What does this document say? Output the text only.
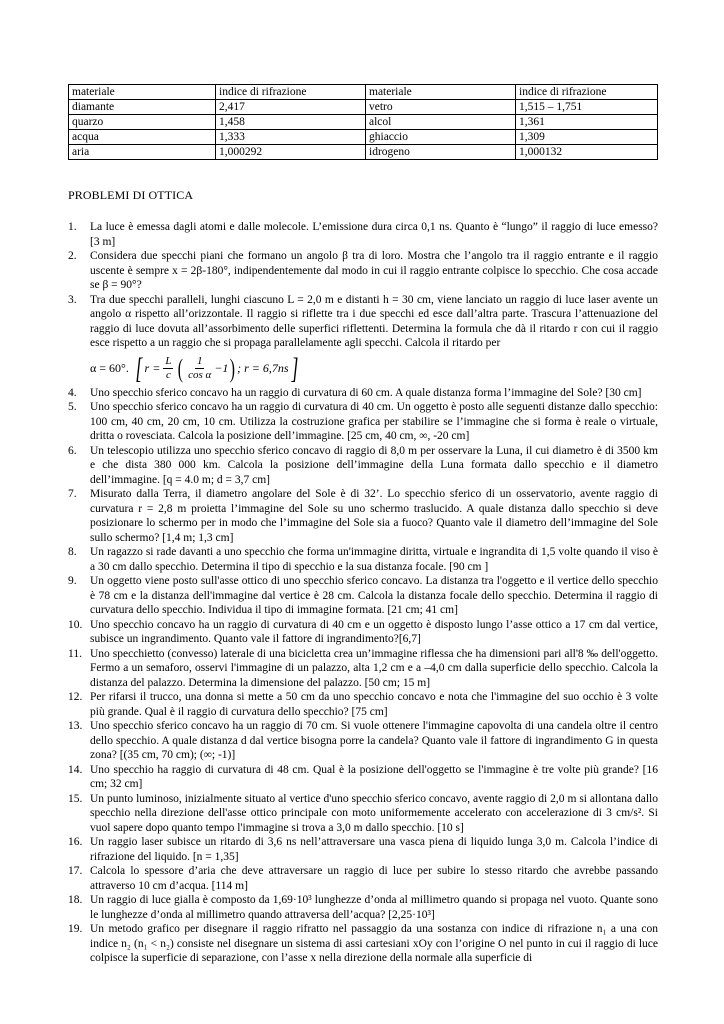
materiale	indice di rifrazione	materiale	indice di rifrazione
diamante	2,417	vetro	1,515 – 1,751
quarzo	1,458	alcol	1,361
acqua	1,333	ghiaccio	1,309
aria	1,000292	idrogeno	1,000132
PROBLEMI DI OTTICA
1. La luce è emessa dagli atomi e dalle molecole. L’emissione dura circa 0,1 ns. Quanto è “lungo” il raggio di luce emesso? [3 m]
2. Considera due specchi piani che formano un angolo β tra di loro. Mostra che l’angolo tra il raggio entrante e il raggio uscente è sempre x = 2β-180°, indipendentemente dal modo in cui il raggio entrante colpisce lo specchio. Che cosa accade se β = 90°?
3. Tra due specchi paralleli, lunghi ciascuno L = 2,0 m e distanti h = 30 cm, viene lanciato un raggio di luce laser avente un angolo α rispetto all’orizzontale. Il raggio si riflette tra i due specchi ed esce dall’altra parte. Trascura l’attenuazione del raggio di luce dovuta all’assorbimento delle superfici riflettenti. Determina la formula che dà il ritardo r con cui il raggio esce rispetto a un raggio che si propaga parallelamente agli specchi. Calcola il ritardo per
α = 60°. [ $r = \frac{L}{c}$ ( $\frac{1}{\text{cos α}} -1$ ) ; r = 6,7ns ]
4. Uno specchio sferico concavo ha un raggio di curvatura di 60 cm. A quale distanza forma l’immagine del Sole? [30 cm]
5. Uno specchio sferico concavo ha un raggio di curvatura di 40 cm. Un oggetto è posto alle seguenti distanze dallo specchio: 100 cm, 40 cm, 20 cm, 10 cm. Utilizza la costruzione grafica per stabilire se l’immagine che si forma è reale o virtuale, dritta o rovesciata. Calcola la posizione dell’immagine. [25 cm, 40 cm, ∞, -20 cm]
6. Un telescopio utilizza uno specchio sferico concavo di raggio di 8,0 m per osservare la Luna, il cui diametro è di 3500 km e che dista 380 000 km. Calcola la posizione dell’immagine della Luna formata dallo specchio e il diametro dell’immagine. [q = 4.0 m; d = 3,7 cm]
7. Misurato dalla Terra, il diametro angolare del Sole è di 32’. Lo specchio sferico di un osservatorio, avente raggio di curvatura r = 2,8 m proietta l’immagine del Sole su uno schermo traslucido. A quale distanza dallo specchio si deve posizionare lo schermo per in modo che l’immagine del Sole sia a fuoco? Quanto vale il diametro dell’immagine del Sole sullo schermo? [1,4 m; 1,3 cm]
8. Un ragazzo si rade davanti a uno specchio che forma un'immagine diritta, virtuale e ingrandita di 1,5 volte quando il viso è a 30 cm dallo specchio. Determina il tipo di specchio e la sua distanza focale. [90 cm ]
9. Un oggetto viene posto sull'asse ottico di uno specchio sferico concavo. La distanza tra l'oggetto e il vertice dello specchio è 78 cm e la distanza dell'immagine dal vertice è 28 cm. Calcola la distanza focale dello specchio. Determina il raggio di curvatura dello specchio. Individua il tipo di immagine formata. [21 cm; 41 cm]
10. Uno specchio concavo ha un raggio di curvatura di 40 cm e un oggetto è disposto lungo l’asse ottico a 17 cm dal vertice, subisce un ingrandimento. Quanto vale il fattore di ingrandimento?[6,7]
11. Uno specchietto (convesso) laterale di una bicicletta crea un’immagine riflessa che ha dimensioni pari all'8 ‰ dell'oggetto. Fermo a un semaforo, osservi l'immagine di un palazzo, alta 1,2 cm e a –4,0 cm dalla superficie dello specchio. Calcola la distanza del palazzo. Determina la dimensione del palazzo. [50 cm; 15 m]
12. Per rifarsi il trucco, una donna si mette a 50 cm da uno specchio concavo e nota che l'immagine del suo occhio è 3 volte più grande. Qual è il raggio di curvatura dello specchio? [75 cm]
13. Uno specchio sferico concavo ha un raggio di 70 cm. Si vuole ottenere l'immagine capovolta di una candela oltre il centro dello specchio. A quale distanza d dal vertice bisogna porre la candela? Quanto vale il fattore di ingrandimento G in questa zona? [(35 cm, 70 cm); (∞; -1)]
14. Uno specchio ha raggio di curvatura di 48 cm. Qual è la posizione dell'oggetto se l'immagine è tre volte più grande? [16 cm; 32 cm]
15. Un punto luminoso, inizialmente situato al vertice d'uno specchio sferico concavo, avente raggio di 2,0 m si allontana dallo specchio nella direzione dell'asse ottico principale con moto uniformemente accelerato con accelerazione di 3 cm/s². Si vuol sapere dopo quanto tempo l'immagine si trova a 3,0 m dallo specchio. [10 s]
16. Un raggio laser subisce un ritardo di 3,6 ns nell’attraversare una vasca piena di liquido lunga 3,0 m. Calcola l’indice di rifrazione del liquido. [n = 1,35]
17. Calcola lo spessore d’aria che deve attraversare un raggio di luce per subire lo stesso ritardo che avrebbe passando attraverso 10 cm d’acqua. [114 m]
18. Un raggio di luce gialla è composto da 1,69·10³ lunghezze d’onda al millimetro quando si propaga nel vuoto. Quante sono le lunghezze d’onda al millimetro quando attraversa dell’acqua? [2,25·10³]
19. Un metodo grafico per disegnare il raggio rifratto nel passaggio da una sostanza con indice di rifrazione n₁ a una con indice n₂ (n₁ < n₂) consiste nel disegnare un sistema di assi cartesiani xOy con l’origine O nel punto in cui il raggio di luce colpisce la superficie di separazione, con l’asse x nella direzione della normale alla superficie di
